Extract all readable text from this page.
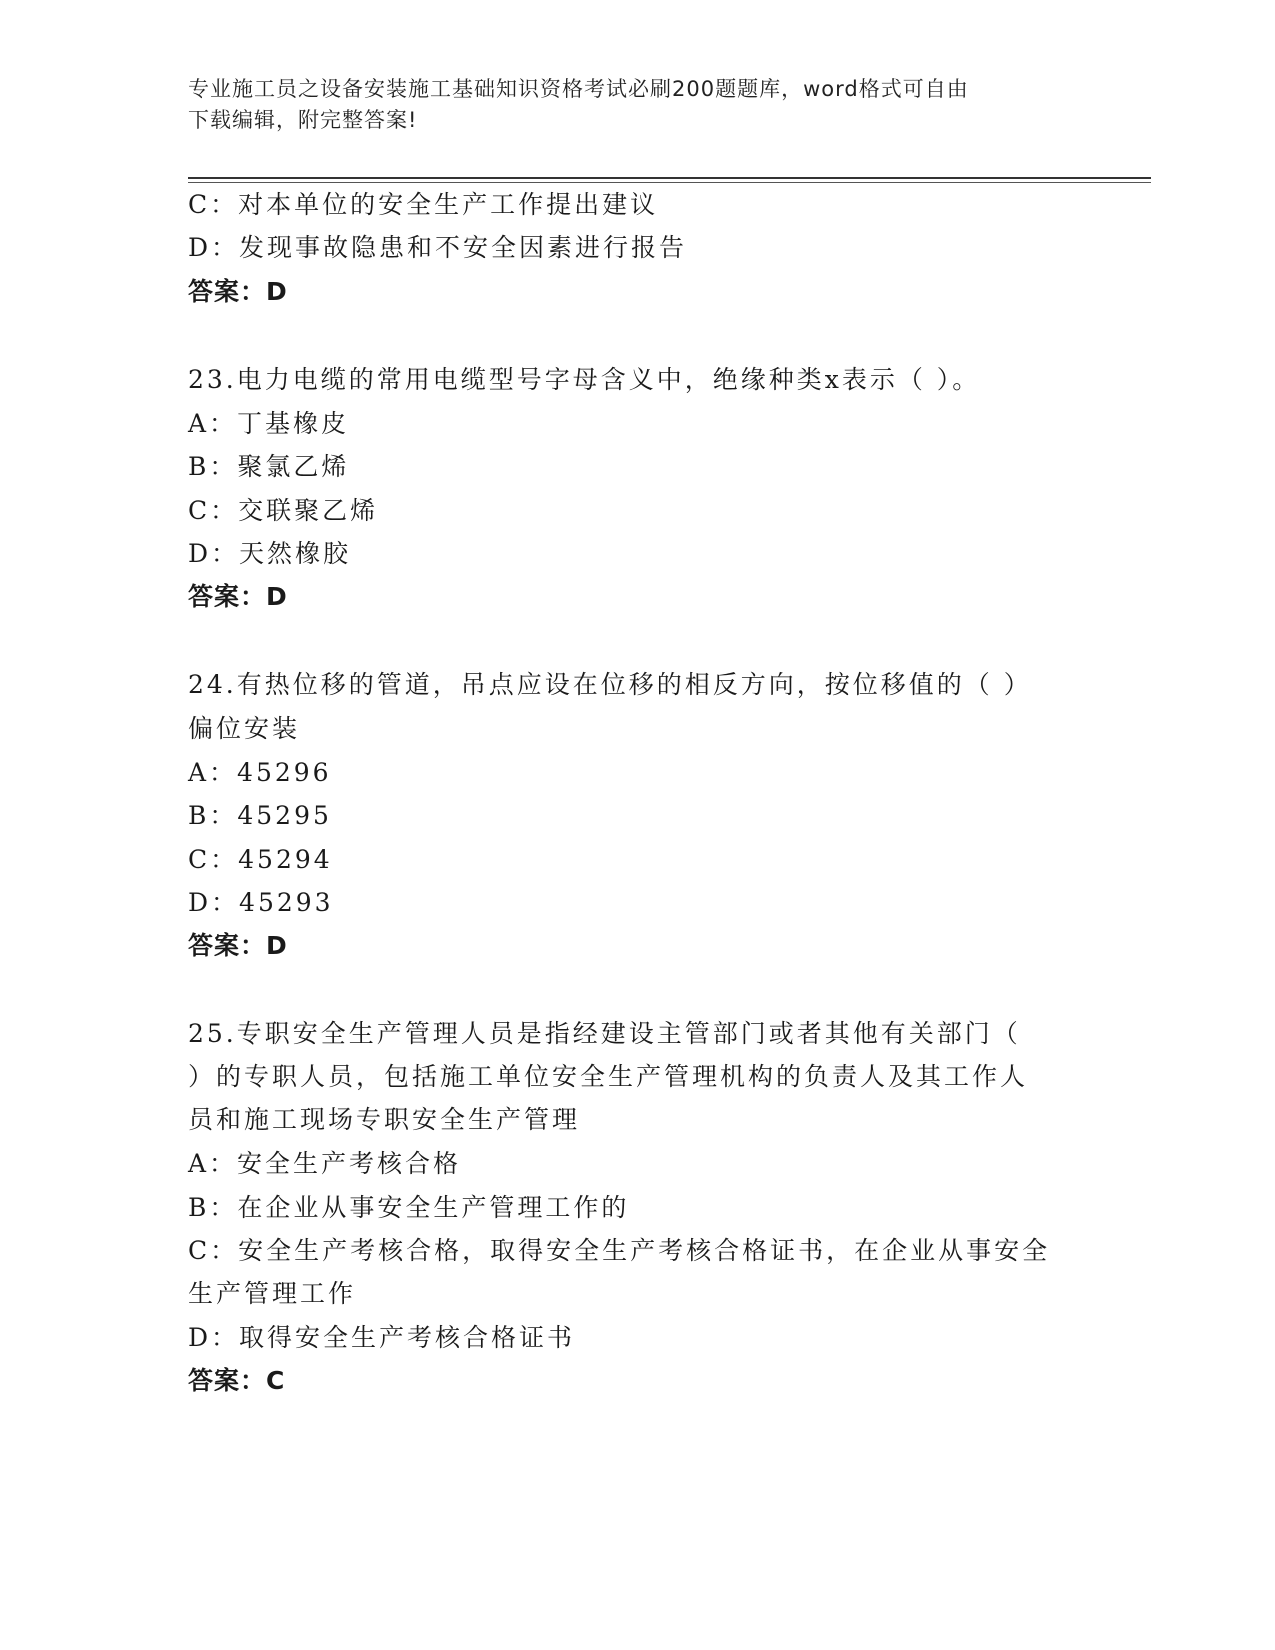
专业施工员之设备安装施工基础知识资格考试必刷200题题库，word格式可自由
下载编辑，附完整答案!
C：对本单位的安全生产工作提出建议
D：发现事故隐患和不安全因素进行报告
答案：D
23.电力电缆的常用电缆型号字母含义中，绝缘种类x表示（ ）。
A：丁基橡皮
B：聚氯乙烯
C：交联聚乙烯
D：天然橡胶
答案：D
24.有热位移的管道，吊点应设在位移的相反方向，按位移值的（ ）
偏位安装
A：45296
B：45295
C：45294
D：45293
答案：D
25.专职安全生产管理人员是指经建设主管部门或者其他有关部门（
）的专职人员，包括施工单位安全生产管理机构的负责人及其工作人
员和施工现场专职安全生产管理
A：安全生产考核合格
B：在企业从事安全生产管理工作的
C：安全生产考核合格，取得安全生产考核合格证书，在企业从事安全
生产管理工作
D：取得安全生产考核合格证书
答案：C
